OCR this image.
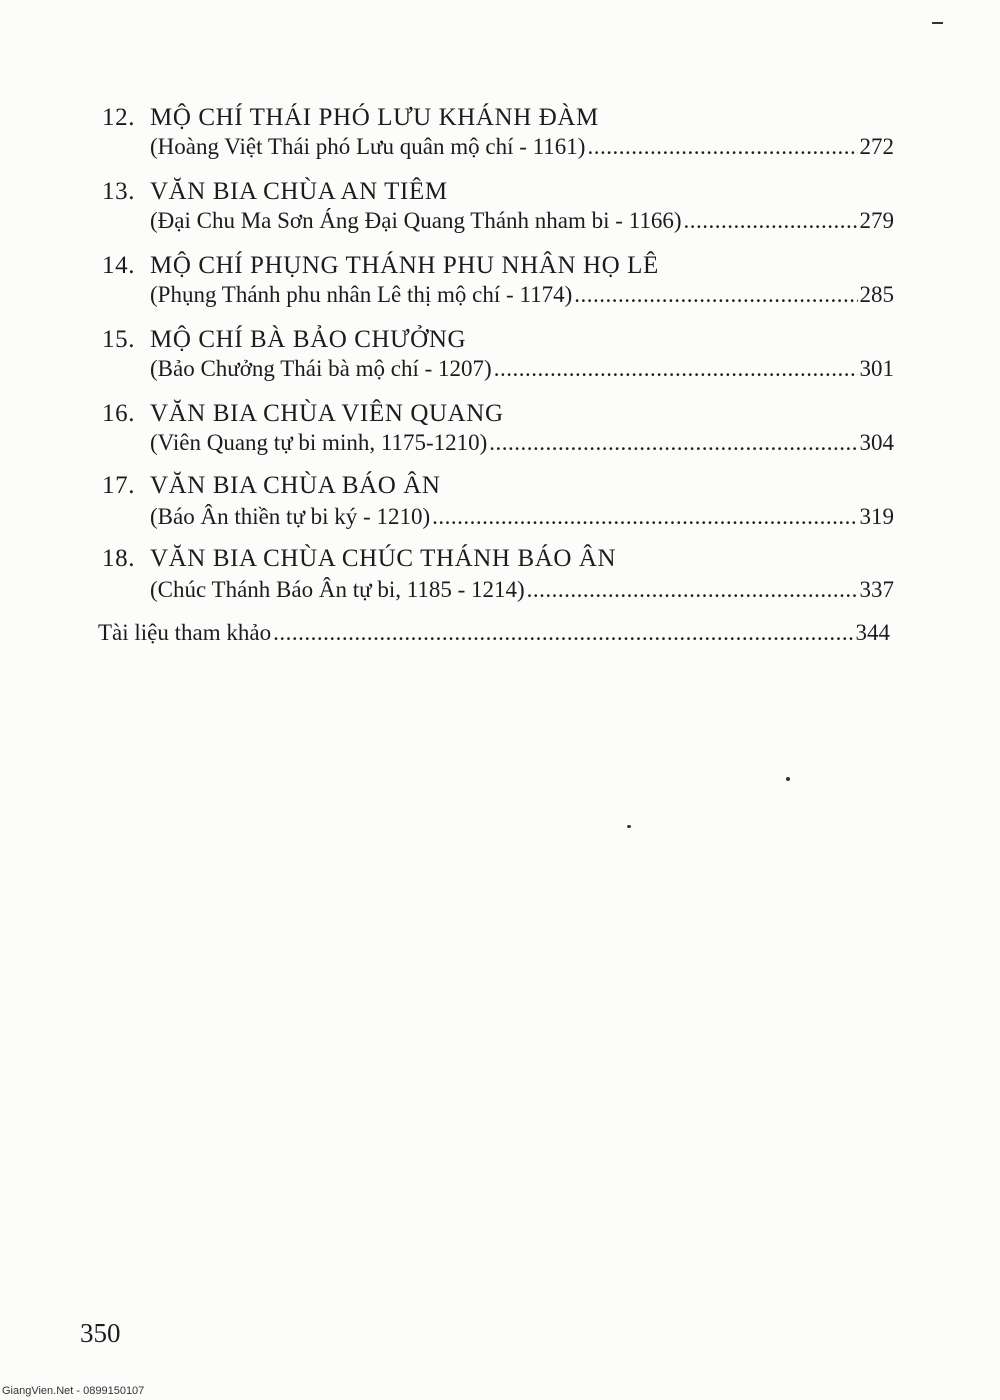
12. MỘ CHÍ THÁI PHÓ LƯU KHÁNH ĐÀM
(Hoàng Việt Thái phó Lưu quân mộ chí - 1161) .....	272
13. VĂN BIA CHÙA AN TIÊM
(Đại Chu Ma Sơn Áng Đại Quang Thánh nham bi - 1166) .....	279
14. MỘ CHÍ PHỤNG THÁNH PHU NHÂN HỌ LÊ
(Phụng Thánh phu nhân Lê thị mộ chí - 1174) .....	285
15. MỘ CHÍ BÀ BẢO CHƯỞNG
(Bảo Chưởng Thái bà mộ chí - 1207) .....	301
16. VĂN BIA CHÙA VIÊN QUANG
(Viên Quang tự bi minh, 1175-1210) .....	304
17. VĂN BIA CHÙA BÁO ÂN
(Báo Ân thiền tự bi ký - 1210) .....	319
18. VĂN BIA CHÙA CHÚC THÁNH BÁO ÂN
(Chúc Thánh Báo Ân tự bi, 1185 - 1214) .....	337
Tài liệu tham khảo .....	344
350
GiangVien.Net - 0899150107
